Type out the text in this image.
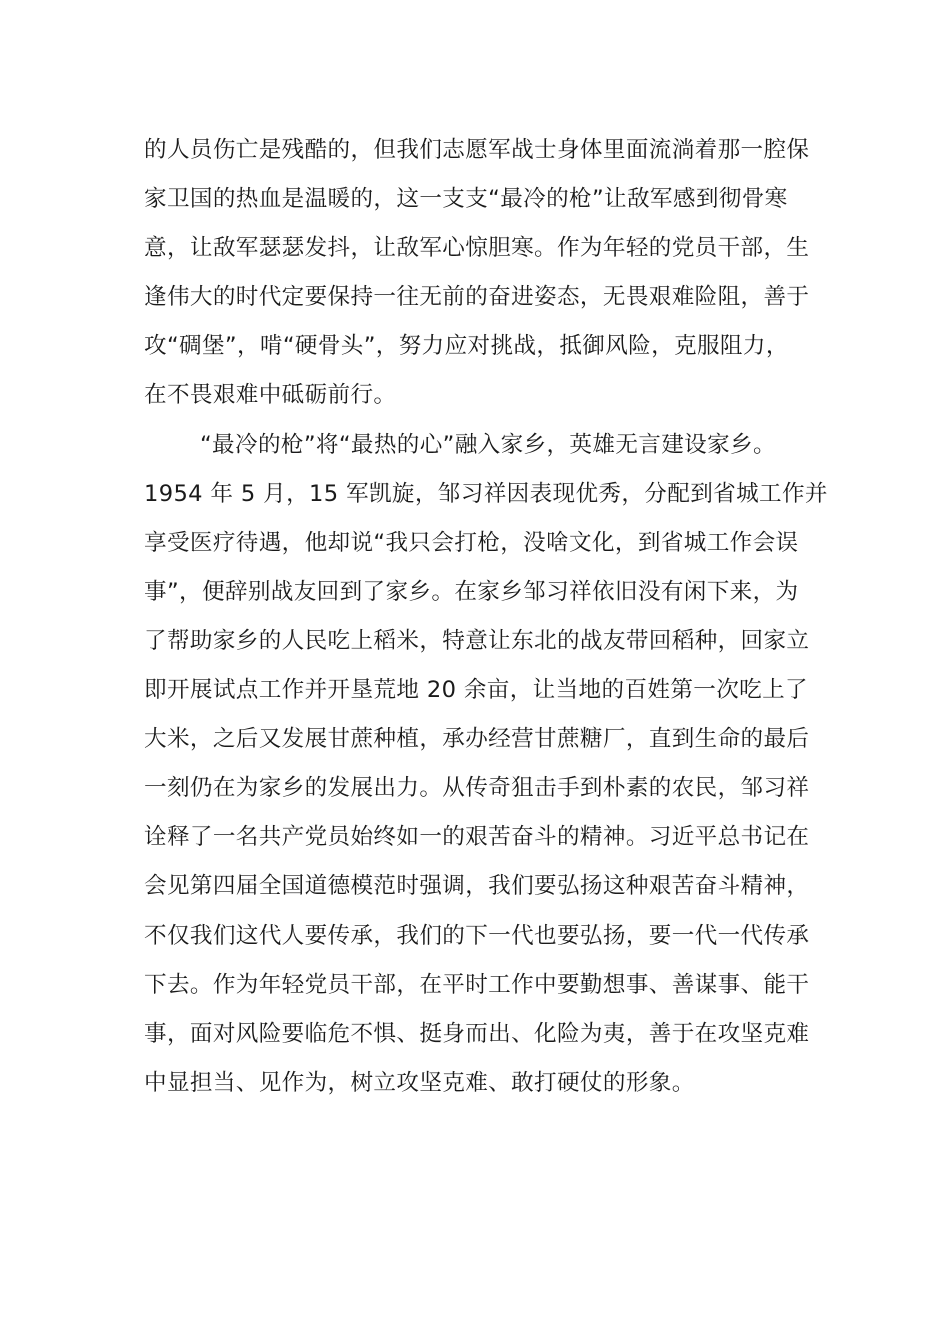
的人员伤亡是残酷的，但我们志愿军战士身体里面流淌着那一腔保
家卫国的热血是温暖的，这一支支“最冷的枪”让敌军感到彻骨寒
意，让敌军瑟瑟发抖，让敌军心惊胆寒。作为年轻的党员干部，生
逢伟大的时代定要保持一往无前的奋进姿态，无畏艰难险阻，善于
攻“碉堡”，啃“硬骨头”，努力应对挑战，抵御风险，克服阻力，
在不畏艰难中砥砺前行。
“最冷的枪”将“最热的心”融入家乡，英雄无言建设家乡。
1954 年 5 月，15 军凯旋，邹习祥因表现优秀，分配到省城工作并
享受医疗待遇，他却说“我只会打枪，没啥文化，到省城工作会误
事”，便辞别战友回到了家乡。在家乡邹习祥依旧没有闲下来，为
了帮助家乡的人民吃上稻米，特意让东北的战友带回稻种，回家立
即开展试点工作并开垦荒地 20 余亩，让当地的百姓第一次吃上了
大米，之后又发展甘蔗种植，承办经营甘蔗糖厂，直到生命的最后
一刻仍在为家乡的发展出力。从传奇狙击手到朴素的农民，邹习祥
诠释了一名共产党员始终如一的艰苦奋斗的精神。习近平总书记在
会见第四届全国道德模范时强调，我们要弘扬这种艰苦奋斗精神，
不仅我们这代人要传承，我们的下一代也要弘扬，要一代一代传承
下去。作为年轻党员干部，在平时工作中要勤想事、善谋事、能干
事，面对风险要临危不惧、挺身而出、化险为夷，善于在攻坚克难
中显担当、见作为，树立攻坚克难、敢打硬仗的形象。
